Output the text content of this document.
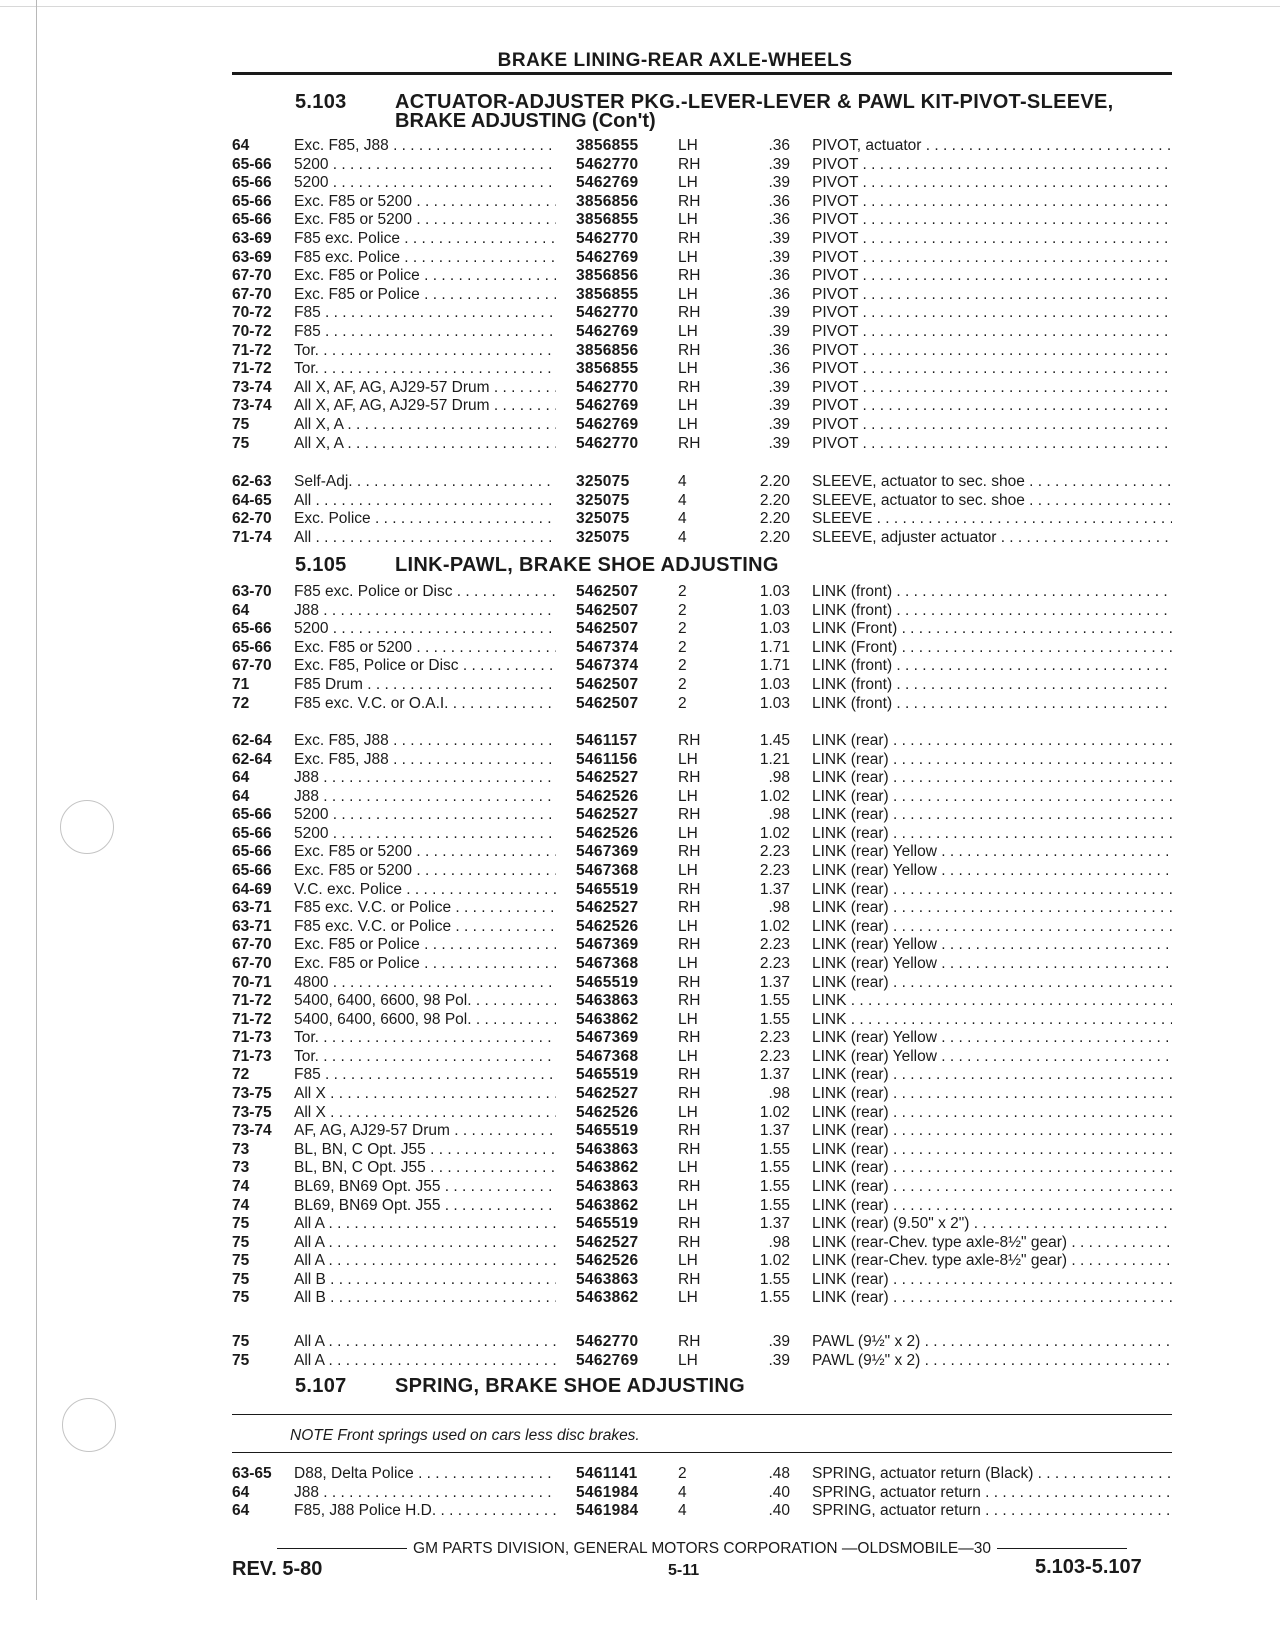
BRAKE LINING-REAR AXLE-WHEELS
5.103 ACTUATOR-ADJUSTER PKG.-LEVER-LEVER & PAWL KIT-PIVOT-SLEEVE,
BRAKE ADJUSTING (Con't)
64	Exc. F85, J88 . . .	3856855	LH	.36 PIVOT, actuator . . .
65-66 5200 . . .	5462770	RH	.39 PIVOT . . .
65-66 5200 . . .	5462769	LH	.39 PIVOT . . .
65-66 Exc. F85 or 5200 . . .	3856856	RH	.36 PIVOT . . .
65-66 Exc. F85 or 5200 . . .	3856855	LH	.36 PIVOT . . .
63-69 F85 exc. Police . . .	5462770	RH	.39 PIVOT . . .
63-69 F85 exc. Police . . .	5462769	LH	.39 PIVOT . . .
67-70 Exc. F85 or Police . . .	3856856	RH	.36 PIVOT . . .
67-70 Exc. F85 or Police . . .	3856855	LH	.36 PIVOT . . .
70-72 F85 . . .	5462770	RH	.39 PIVOT . . .
70-72 F85 . . .	5462769	LH	.39 PIVOT . . .
71-72 Tor. . . .	3856856	RH	.36 PIVOT . . .
71-72 Tor. . . .	3856855	LH	.36 PIVOT . . .
73-74 All X, AF, AG, AJ29-57 Drum . . .	5462770	RH	.39 PIVOT . . .
73-74 All X, AF, AG, AJ29-57 Drum . . .	5462769	LH	.39 PIVOT . . .
75	All X, A . . .	5462769	LH	.39 PIVOT . . .
75	All X, A . . .	5462770	RH	.39 PIVOT . . .
62-63 Self-Adj. . . .	325075	4	2.20 SLEEVE, actuator to sec. shoe . . .
64-65 All . . .	325075	4	2.20 SLEEVE, actuator to sec. shoe . . .
62-70 Exc. Police . . .	325075	4	2.20 SLEEVE . . .
71-74 All . . .	325075	4	2.20 SLEEVE, adjuster actuator . . .
5.105 LINK-PAWL, BRAKE SHOE ADJUSTING
63-70 F85 exc. Police or Disc . . .	5462507	2	1.03 LINK (front) . . .
64	J88 . . .	5462507	2	1.03 LINK (front) . . .
65-66 5200 . . .	5462507	2	1.03 LINK (Front) . . .
65-66 Exc. F85 or 5200 . . .	5467374	2	1.71 LINK (Front) . . .
67-70 Exc. F85, Police or Disc . . .	5467374	2	1.71 LINK (front) . . .
71	F85 Drum . . .	5462507	2	1.03 LINK (front) . . .
72	F85 exc. V.C. or O.A.I. . . .	5462507	2	1.03 LINK (front) . . .
62-64 Exc. F85, J88 . . .	5461157	RH	1.45 LINK (rear) . . .
62-64 Exc. F85, J88 . . .	5461156	LH	1.21 LINK (rear) . . .
64	J88 . . .	5462527	RH	.98 LINK (rear) . . .
64	J88 . . .	5462526	LH	1.02 LINK (rear) . . .
65-66 5200 . . .	5462527	RH	.98 LINK (rear) . . .
65-66 5200 . . .	5462526	LH	1.02 LINK (rear) . . .
65-66 Exc. F85 or 5200 . . .	5467369	RH	2.23 LINK (rear) Yellow . . .
65-66 Exc. F85 or 5200 . . .	5467368	LH	2.23 LINK (rear) Yellow . . .
64-69 V.C. exc. Police . . .	5465519	RH	1.37 LINK (rear) . . .
63-71 F85 exc. V.C. or Police . . .	5462527	RH	.98 LINK (rear) . . .
63-71 F85 exc. V.C. or Police . . .	5462526	LH	1.02 LINK (rear) . . .
67-70 Exc. F85 or Police . . .	5467369	RH	2.23 LINK (rear) Yellow . . .
67-70 Exc. F85 or Police . . .	5467368	LH	2.23 LINK (rear) Yellow . . .
70-71 4800 . . .	5465519	RH	1.37 LINK (rear) . . .
71-72 5400, 6400, 6600, 98 Pol. . . .	5463863	RH	1.55 LINK . . .
71-72 5400, 6400, 6600, 98 Pol. . . .	5463862	LH	1.55 LINK . . .
71-73 Tor. . . .	5467369	RH	2.23 LINK (rear) Yellow . . .
71-73 Tor. . . .	5467368	LH	2.23 LINK (rear) Yellow . . .
72	F85 . . .	5465519	RH	1.37 LINK (rear) . . .
73-75 All X . . .	5462527	RH	.98 LINK (rear) . . .
73-75 All X . . .	5462526	LH	1.02 LINK (rear) . . .
73-74 AF, AG, AJ29-57 Drum . . .	5465519	RH	1.37 LINK (rear) . . .
73	BL, BN, C Opt. J55 . . .	5463863	RH	1.55 LINK (rear) . . .
73	BL, BN, C Opt. J55 . . .	5463862	LH	1.55 LINK (rear) . . .
74	BL69, BN69 Opt. J55 . . .	5463863	RH	1.55 LINK (rear) . . .
74	BL69, BN69 Opt. J55 . . .	5463862	LH	1.55 LINK (rear) . . .
75	All A . . .	5465519	RH	1.37 LINK (rear) (9.50" x 2") . . .
75	All A . . .	5462527	RH	.98 LINK (rear-Chev. type axle-8½" gear) . . .
75	All A . . .	5462526	LH	1.02 LINK (rear-Chev. type axle-8½" gear) . . .
75	All B . . .	5463863	RH	1.55 LINK (rear) . . .
75	All B . . .	5463862	LH	1.55 LINK (rear) . . .
75	All A . . .	5462770	RH	.39 PAWL (9½" x 2) . . .
75	All A . . .	5462769	LH	.39 PAWL (9½" x 2) . . .
5.107 SPRING, BRAKE SHOE ADJUSTING
NOTE Front springs used on cars less disc brakes.
63-65 D88, Delta Police . . .	5461141	2	.48 SPRING, actuator return (Black) . . .
64	J88 . . .	5461984	4	.40 SPRING, actuator return . . .
64	F85, J88 Police H.D. . . .	5461984	4	.40 SPRING, actuator return . . .
GM PARTS DIVISION, GENERAL MOTORS CORPORATION —OLDSMOBILE—30
REV. 5-80	5-11	5.103-5.107
